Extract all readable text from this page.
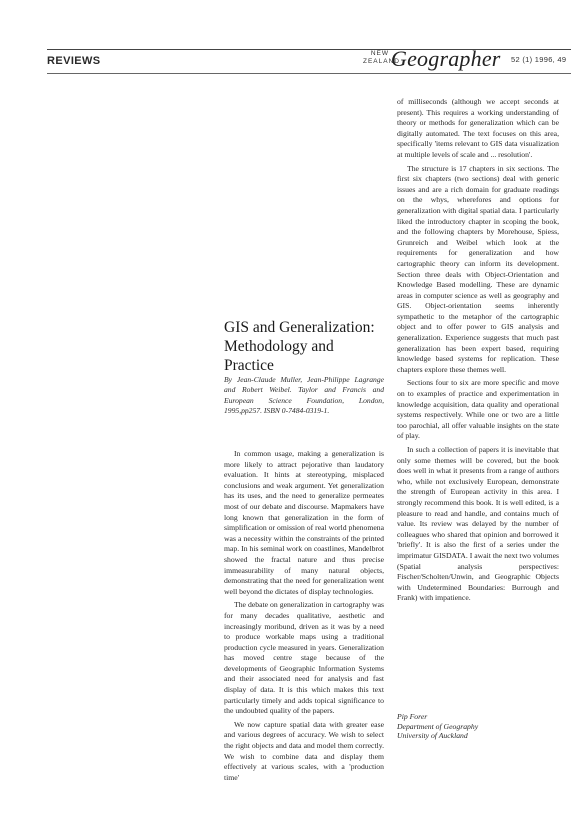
REVIEWS
NEW
ZEALAND
Geographer 52 (1) 1996, 49
GIS and Generalization: Methodology and Practice
By Jean-Claude Muller, Jean-Philippe Lagrange and Robert Weibel. Taylor and Francis and European Science Foundation, London, 1995,pp257. ISBN 0-7484-0319-1.

In common usage, making a generalization is more likely to attract pejorative than laudatory evaluation. It hints at stereotyping, misplaced conclusions and weak argument. Yet generalization has its uses, and the need to generalize permeates most of our debate and discourse. Mapmakers have long known that generalization in the form of simplification or omission of real world phenomena was a necessity within the constraints of the printed map. In his seminal work on coastlines, Mandelbrot showed the fractal nature and thus precise immeasurability of many natural objects, demonstrating that the need for generalization went well beyond the dictates of display technologies.

The debate on generalization in cartography was for many decades qualitative, aesthetic and increasingly moribund, driven as it was by a need to produce workable maps using a traditional production cycle measured in years. Generalization has moved centre stage because of the developments of Geographic Information Systems and their associated need for analysis and fast display of data. It is this which makes this text particularly timely and adds topical significance to the undoubted quality of the papers.

We now capture spatial data with greater ease and various degrees of accuracy. We wish to select the right objects and data and model them correctly. We wish to combine data and display them effectively at various scales, with a 'production time'

of milliseconds (although we accept seconds at present). This requires a working understanding of theory or methods for generalization which can be digitally automated. The text focuses on this area, specifically 'items relevant to GIS data visualization at multiple levels of scale and ... resolution'.

The structure is 17 chapters in six sections. The first six chapters (two sections) deal with generic issues and are a rich domain for graduate readings on the whys, wherefores and options for generalization with digital spatial data. I particularly liked the introductory chapter in scoping the book, and the following chapters by Morehouse, Spiess, Grunreich and Weibel which look at the requirements for generalization and how cartographic theory can inform its development. Section three deals with Object-Orientation and Knowledge Based modelling. These are dynamic areas in computer science as well as geography and GIS. Object-orientation seems inherently sympathetic to the metaphor of the cartographic object and to offer power to GIS analysis and generalization. Experience suggests that much past generalization has been expert based, requiring knowledge based systems for replication. These chapters explore these themes well.

Sections four to six are more specific and move on to examples of practice and experimentation in knowledge acquisition, data quality and operational systems respectively. While one or two are a little too parochial, all offer valuable insights on the state of play.

In such a collection of papers it is inevitable that only some themes will be covered, but the book does well in what it presents from a range of authors who, while not exclusively European, demonstrate the strength of European activity in this area. I strongly recommend this book. It is well edited, is a pleasure to read and handle, and contains much of value. Its review was delayed by the number of colleagues who shared that opinion and borrowed it 'briefly'. It is also the first of a series under the imprimatur GISDATA. I await the next two volumes (Spatial analysis perspectives: Fischer/Scholten/Unwin, and Geographic Objects with Undetermined Boundaries: Burrough and Frank) with impatience.

Pip Forer
Department of Geography
University of Auckland
